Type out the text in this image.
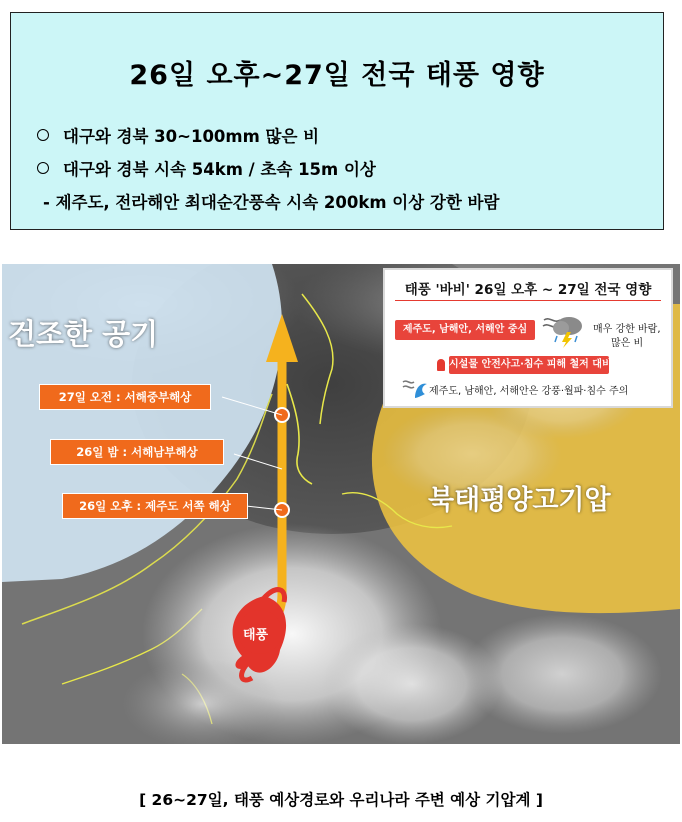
26일 오후~27일 전국 태풍 영향
대구와 경북 30~100mm 많은 비
대구와 경북 시속 54km / 초속 15m 이상
- 제주도, 전라해안 최대순간풍속 시속 200km 이상 강한 바람
건조한 공기
북태평양고기압
27일 오전 : 서해중부해상
26일 밤 : 서해남부해상
26일 오후 : 제주도 서쪽 해상
태풍
태풍 '바비' 26일 오후 ~ 27일 전국 영향
제주도, 남해안, 서해안 중심	매우 강한 바람,
많은 비
시설물 안전사고·침수 피해 철저 대비
제주도, 남해안, 서해안은 강풍·월파·침수 주의
[ 26~27일, 태풍 예상경로와 우리나라 주변 예상 기압계 ]
